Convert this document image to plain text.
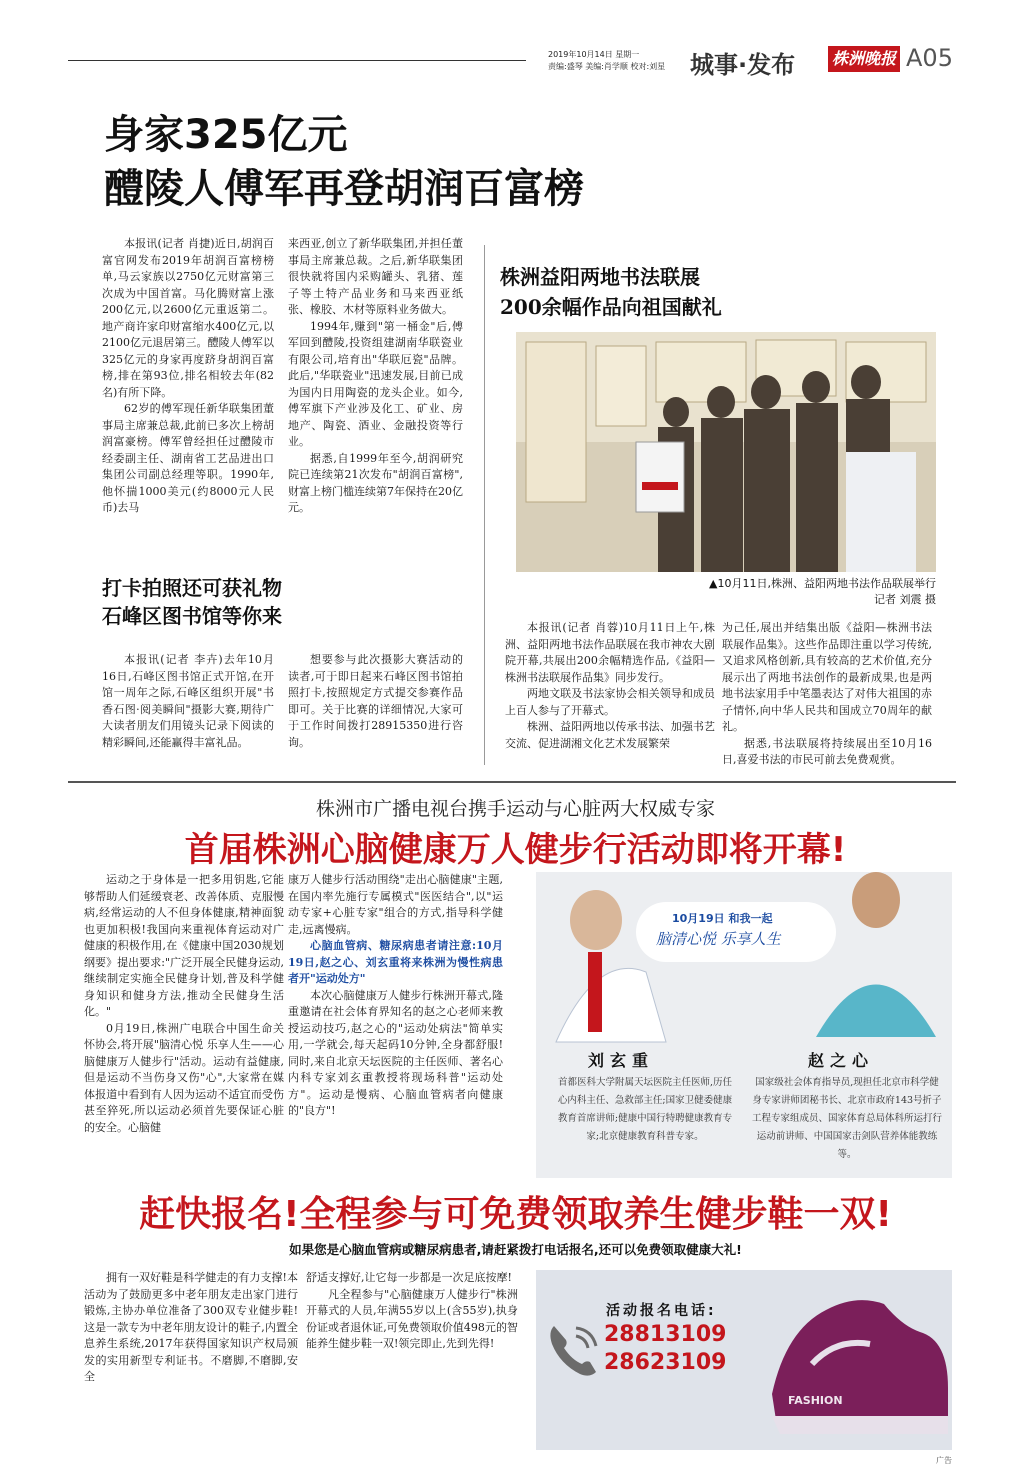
2019年10月14日 星期一
责编:盛琴 美编:肖学顺 校对:刘星 城事·发布 株洲晚报 A05
身家325亿元
醴陵人傅军再登胡润百富榜

本报讯(记者 肖捷)近日,胡润百富官网发布2019年胡润百富榜榜单,马云家族以2750亿元财富第三次成为中国首富。马化腾财富上涨200亿元,以2600亿元重返第二。地产商许家印财富缩水400亿元,以2100亿元退居第三。醴陵人傅军以325亿元的身家再度跻身胡润百富榜,排在第93位,排名相较去年(82名)有所下降。

62岁的傅军现任新华联集团董事局主席兼总裁,此前已多次上榜胡润富豪榜。傅军曾经担任过醴陵市经委副主任、湖南省工艺品进出口集团公司副总经理等职。1990年,他怀揣1000美元(约8000元人民币)去马

来西亚,创立了新华联集团,并担任董事局主席兼总裁。之后,新华联集团很快就将国内采购罐头、乳猪、莲子等土特产品业务和马来西亚纸张、橡胶、木材等原料业务做大。

1994年,赚到"第一桶金"后,傅军回到醴陵,投资组建湖南华联瓷业有限公司,培育出"华联厄瓷"品牌。此后,"华联瓷业"迅速发展,目前已成为国内日用陶瓷的龙头企业。如今,傅军旗下产业涉及化工、矿业、房地产、陶瓷、酒业、金融投资等行业。

据悉,自1999年至今,胡润研究院已连续第21次发布"胡润百富榜",财富上榜门槛连续第7年保持在20亿元。

株洲益阳两地书法联展
200余幅作品向祖国献礼
▲10月11日,株洲、益阳两地书法作品联展举行
记者 刘震 摄

本报讯(记者 肖蓉)10月11日上午,株洲、益阳两地书法作品联展在我市神农大剧院开幕,共展出200余幅精选作品,《益阳—株洲书法联展作品集》同步发行。

两地文联及书法家协会相关领导和成员上百人参与了开幕式。

株洲、益阳两地以传承书法、加强书艺交流、促进湖湘文化艺术发展繁荣

为己任,展出并结集出版《益阳—株洲书法联展作品集》。这些作品即注重以学习传统,又追求风格创新,具有较高的艺术价值,充分展示出了两地书法创作的最新成果,也是两地书法家用手中笔墨表达了对伟大祖国的赤子情怀,向中华人民共和国成立70周年的献礼。

据悉,书法联展将持续展出至10月16日,喜爱书法的市民可前去免费观赏。

打卡拍照还可获礼物
石峰区图书馆等你来

本报讯(记者 李卉)去年10月16日,石峰区图书馆正式开馆,在开馆一周年之际,石峰区组织开展"书香石图·阅美瞬间"摄影大赛,期待广大读者朋友们用镜头记录下阅读的精彩瞬间,还能赢得丰富礼品。

想要参与此次摄影大赛活动的读者,可于即日起来石峰区图书馆拍照打卡,按照规定方式提交参赛作品即可。关于比赛的详细情况,大家可于工作时间拨打28915350进行咨询。

株洲市广播电视台携手运动与心脏两大权威专家
首届株洲心脑健康万人健步行活动即将开幕!

运动之于身体是一把多用钥匙,它能够帮助人们延缓衰老、改善体质、克服慢病,经常运动的人不但身体健康,精神面貌也更加积极!我国向来重视体育运动对广健康的积极作用,在《健康中国2030规划纲要》提出要求:"广泛开展全民健身运动,继续制定实施全民健身计划,普及科学健身知识和健身方法,推动全民健身生活化。"

0月19日,株洲广电联合中国生命关怀协会,将开展"脑清心悦 乐享人生——心脑健康万人健步行"活动。运动有益健康,但是运动不当伤身又伤"心",大家常在媒体报道中看到有人因为运动不适宜而受伤甚至猝死,所以运动必须首先要保证心脏的安全。心脑健

康万人健步行活动围绕"走出心脑健康"主题,在国内率先施行专属模式"医医结合",以"运动专家+心脏专家"组合的方式,指导科学健走,远离慢病。

心脑血管病、糖尿病患者请注意:10月19日,赵之心、刘玄重将来株洲为慢性病患者开"运动处方"

本次心脑健康万人健步行株洲开幕式,隆重邀请在社会体育界知名的赵之心老师来教授运动技巧,赵之心的"运动处病法"简单实用,一学就会,每天起码10分钟,全身都舒服!同时,来自北京天坛医院的主任医师、著名心内科专家刘玄重教授将现场科普"运动处方"。运动是慢病、心脑血管病者向健康的"良方"!

10月19日 和我一起
脑清心悦 乐享人生
刘玄重
首都医科大学附属天坛医院主任医师,历任心内科主任、急救部主任;国家卫健委健康教育首席讲师;健康中国行特聘健康教育专家;北京健康教育科普专家。
赵之心
国家级社会体育指导员,现担任北京市科学健身专家讲师团秘书长、北京市政府143号折子工程专家组成员、国家体育总局体科所运打行运动前讲师、中国国家击剑队营养体能教练等。
赶快报名!全程参与可免费领取养生健步鞋一双!
如果您是心脑血管病或糖尿病患者,请赶紧拨打电话报名,还可以免费领取健康大礼!

拥有一双好鞋是科学健走的有力支撑!本活动为了鼓励更多中老年朋友走出家门进行锻炼,主协办单位准备了300双专业健步鞋!这是一款专为中老年朋友设计的鞋子,内置全息养生系统,2017年获得国家知识产权局颁发的实用新型专利证书。不磨脚,不磨脚,安全

舒适支撑好,让它每一步都是一次足底按摩!

凡全程参与"心脑健康万人健步行"株洲开幕式的人员,年满55岁以上(含55岁),执身份证或者退休证,可免费领取价值498元的智能养生健步鞋一双!领完即止,先到先得!

FASHION
活动报名电话:
28813109
28623109
广告
